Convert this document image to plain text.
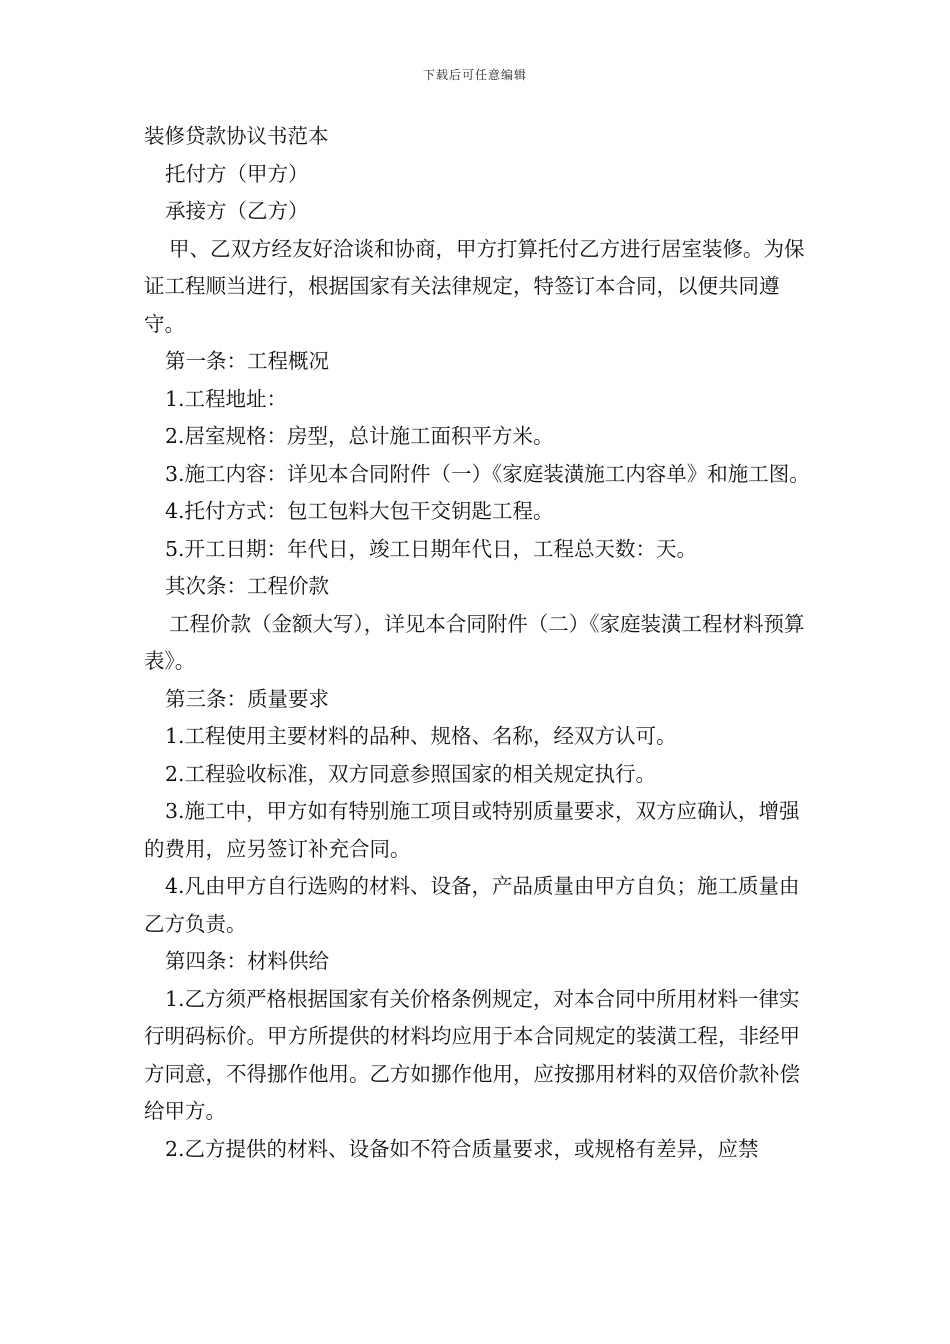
下载后可任意编辑

装修贷款协议书范本

托付方（甲方）

承接方（乙方）

甲、乙双方经友好洽谈和协商，甲方打算托付乙方进行居室装修。为保证工程顺当进行，根据国家有关法律规定，特签订本合同，以便共同遵守。

第一条：工程概况

1.工程地址：

2.居室规格：房型，总计施工面积平方米。

3.施工内容：详见本合同附件（一）《家庭装潢施工内容单》和施工图。

4.托付方式：包工包料大包干交钥匙工程。

5.开工日期：年代日，竣工日期年代日，工程总天数：天。

其次条：工程价款

工程价款（金额大写），详见本合同附件（二）《家庭装潢工程材料预算表》。

第三条：质量要求

1.工程使用主要材料的品种、规格、名称，经双方认可。

2.工程验收标准，双方同意参照国家的相关规定执行。

3.施工中，甲方如有特别施工项目或特别质量要求，双方应确认，增强的费用，应另签订补充合同。

4.凡由甲方自行选购的材料、设备，产品质量由甲方自负；施工质量由乙方负责。

第四条：材料供给

1.乙方须严格根据国家有关价格条例规定，对本合同中所用材料一律实行明码标价。甲方所提供的材料均应用于本合同规定的装潢工程，非经甲方同意，不得挪作他用。乙方如挪作他用，应按挪用材料的双倍价款补偿给甲方。

2.乙方提供的材料、设备如不符合质量要求，或规格有差异，应禁
